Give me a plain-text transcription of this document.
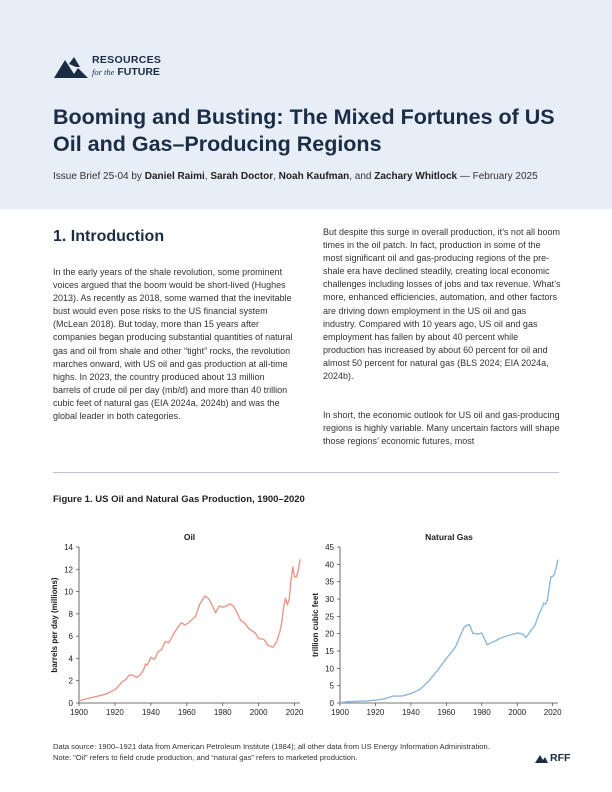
RESOURCES
for the FUTURE
Booming and Busting: The Mixed Fortunes of US Oil and Gas–Producing Regions
Issue Brief 25-04 by Daniel Raimi, Sarah Doctor, Noah Kaufman, and Zachary Whitlock — February 2025
1. Introduction

In the early years of the shale revolution, some prominent voices argued that the boom would be short-lived (Hughes 2013). As recently as 2018, some warned that the inevitable bust would even pose risks to the US financial system (McLean 2018). But today, more than 15 years after companies began producing substantial quantities of natural gas and oil from shale and other “tight” rocks, the revolution marches onward, with US oil and gas production at all-time highs. In 2023, the country produced about 13 million barrels of crude oil per day (mb/d) and more than 40 trillion cubic feet of natural gas (EIA 2024a, 2024b) and was the global leader in both categories.

But despite this surge in overall production, it’s not all boom times in the oil patch. In fact, production in some of the most significant oil and gas-producing regions of the pre-shale era have declined steadily, creating local economic challenges including losses of jobs and tax revenue. What’s more, enhanced efficiencies, automation, and other factors are driving down employment in the US oil and gas industry. Compared with 10 years ago, US oil and gas employment has fallen by about 40 percent while production has increased by about 60 percent for oil and almost 50 percent for natural gas (BLS 2024; EIA 2024a, 2024b).

In short, the economic outlook for US oil and gas-producing regions is highly variable. Many uncertain factors will shape those regions’ economic futures, most

Figure 1. US Oil and Natural Gas Production, 1900–2020

0
2
4
6
8
10
12
14
1900 1920 1940 1960 1980 2000 2020
Oil
barrels per day (millions)
0
5
10
15
20
25
30
35
40
45
1900 1920 1940 1960 1980 2000 2020
Natural Gas
trillion cubic feet

Data source: 1900–1921 data from American Petroleum Institute (1984); all other data from US Energy Information Administration.
Note: “Oil” refers to field crude production, and “natural gas” refers to marketed production.	RFF
